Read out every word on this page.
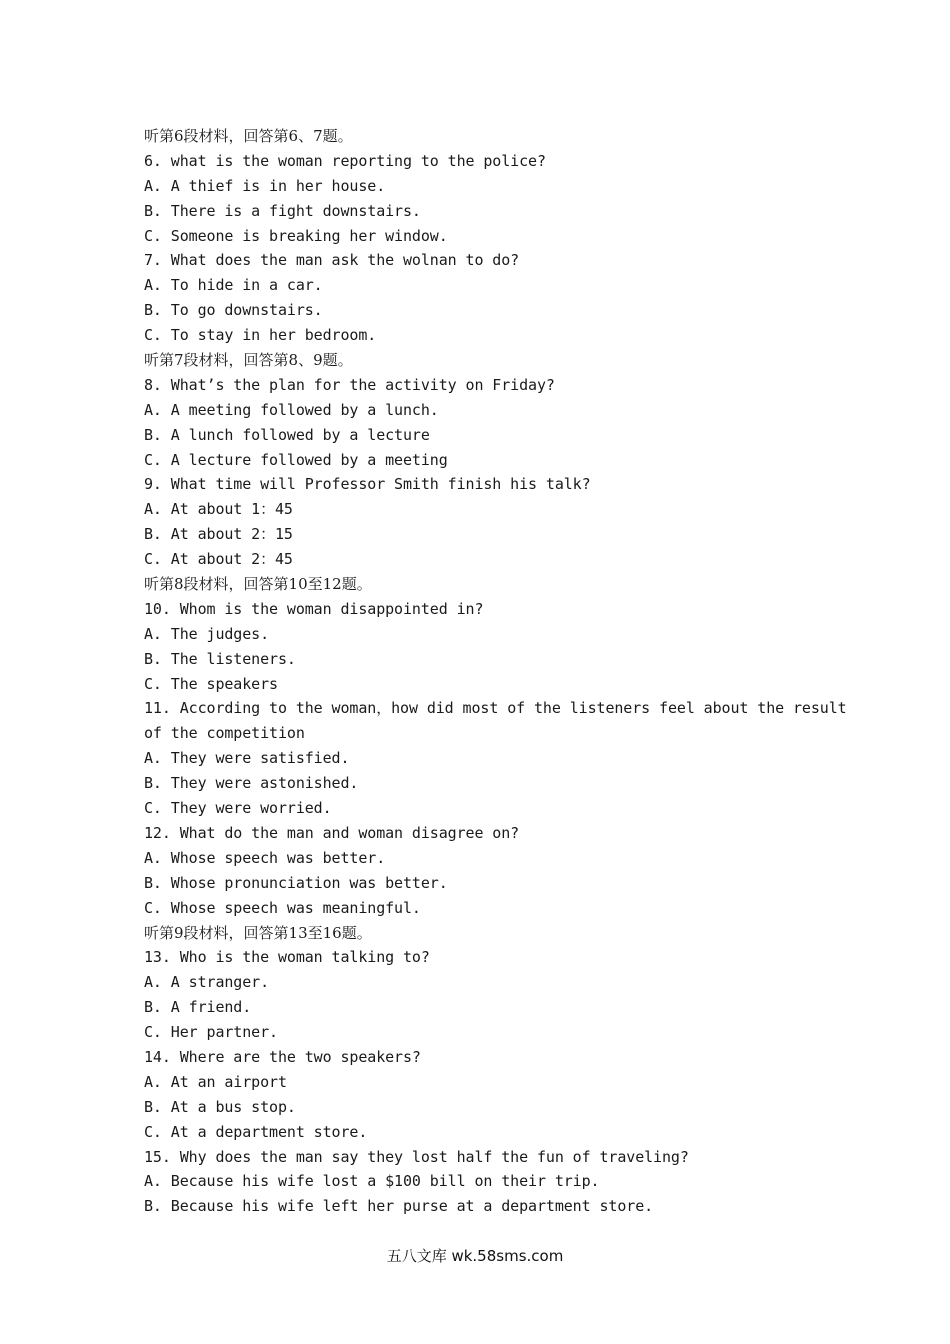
听第6段材料，回答第6、7题。
6. what is the woman reporting to the police?
A. A thief is in her house.
B. There is a fight downstairs.
C. Someone is breaking her window.
7. What does the man ask the wolnan to do?
A. To hide in a car.
B. To go downstairs.
C. To stay in her bedroom.
听第7段材料，回答第8、9题。
8. What’s the plan for the activity on Friday?
A. A meeting followed by a lunch.
B. A lunch followed by a lecture
C. A lecture followed by a meeting
9. What time will Professor Smith finish his talk?
A. At about 1：45
B. At about 2：15
C. At about 2：45
听第8段材料，回答第10至12题。
10. Whom is the woman disappointed in?
A. The judges.
B. The listeners.
C. The speakers
11. According to the woman，how did most of the listeners feel about the result
of the competition
A. They were satisfied.
B. They were astonished.
C. They were worried.
12. What do the man and woman disagree on?
A. Whose speech was better.
B. Whose pronunciation was better.
C. Whose speech was meaningful.
听第9段材料，回答第13至16题。
13. Who is the woman talking to?
A. A stranger.
B. A friend.
C. Her partner.
14. Where are the two speakers?
A. At an airport
B. At a bus stop.
C. At a department store.
15. Why does the man say they lost half the fun of traveling?
A. Because his wife lost a $100 bill on their trip.
B. Because his wife left her purse at a department store.
五八文库 wk.58sms.com
